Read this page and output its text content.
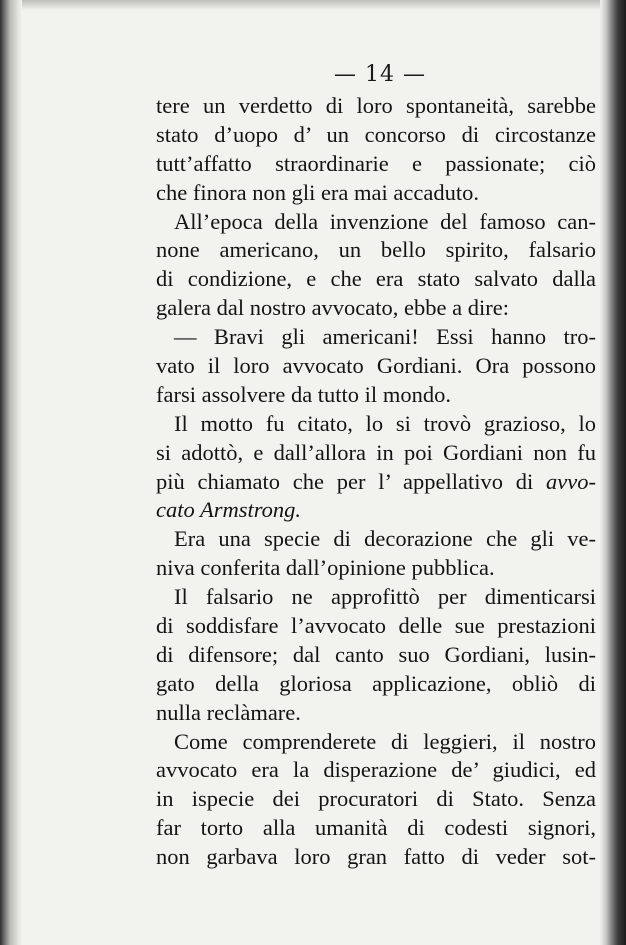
— 14 —
tere un verdetto di loro spontaneità, sarebbe
stato d’uopo d’ un concorso di circostanze
tutt’affatto straordinarie e passionate; ciò
che finora non gli era mai accaduto.
All’epoca della invenzione del famoso can-
none americano, un bello spirito, falsario
di condizione, e che era stato salvato dalla
galera dal nostro avvocato, ebbe a dire:
— Bravi gli americani! Essi hanno tro-
vato il loro avvocato Gordiani. Ora possono
farsi assolvere da tutto il mondo.
Il motto fu citato, lo si trovò grazioso, lo
si adottò, e dall’allora in poi Gordiani non fu
più chiamato che per l’ appellativo di avvo-
cato Armstrong.
Era una specie di decorazione che gli ve-
niva conferita dall’opinione pubblica.
Il falsario ne approfittò per dimenticarsi
di soddisfare l’avvocato delle sue prestazioni
di difensore; dal canto suo Gordiani, lusin-
gato della gloriosa applicazione, obliò di
nulla reclàmare.
Come comprenderete di leggieri, il nostro
avvocato era la disperazione de’ giudici, ed
in ispecie dei procuratori di Stato. Senza
far torto alla umanità di codesti signori,
non garbava loro gran fatto di veder sot-
